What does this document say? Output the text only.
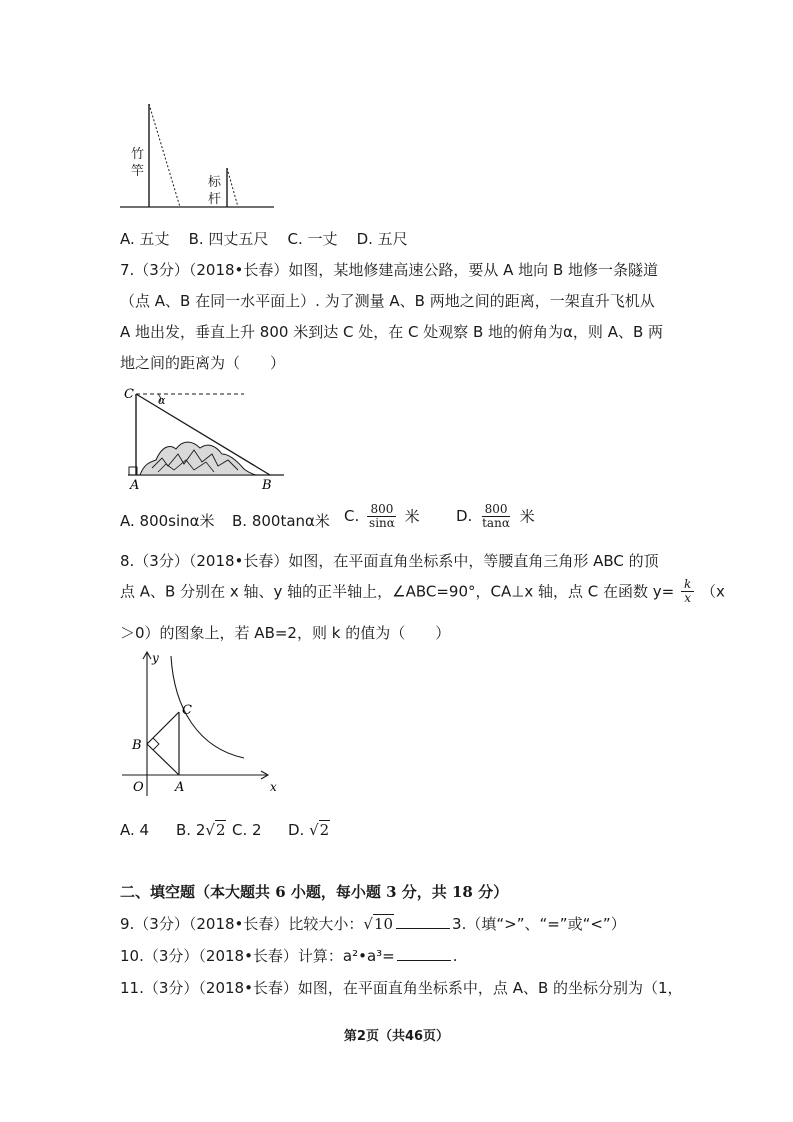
竹
竿
标
杆
A. 五丈    B. 四丈五尺    C. 一丈    D. 五尺
7.（3分）（2018•长春）如图，某地修建高速公路，要从 A 地向 B 地修一条隧道
（点 A、B 在同一水平面上）. 为了测量 A、B 两地之间的距离，一架直升飞机从
A 地出发，垂直上升 800 米到达 C 处，在 C 处观察 B 地的俯角为α，则 A、B 两
地之间的距离为（　　）
C α
A	B
A. 800sinα米 B. 800tanα米 C. $\frac{800}{\sin\alpha}$ 米 D. $\frac{800}{\tan\alpha}$ 米
8.（3分）（2018•长春）如图，在平面直角坐标系中，等腰直角三角形 ABC 的顶
点 A、B 分别在 x 轴、y 轴的正半轴上，∠ABC=90°，CA⊥x 轴，点 C 在函数 $y= \frac{k}{x} (x$
＞0）的图象上，若 AB=2，则 k 的值为（　　）
y
x
O A
B
C
A. 4 B. 2√2 C. 2 D. √2
二、填空题（本大题共 6 小题，每小题 3 分，共 18 分）
9.（3分）（2018•长春）比较大小：√10	3.（填“>”、“=”或“<”）
10.（3分）（2018•长春）计算：a²•a³=	.
11.（3分）（2018•长春）如图，在平面直角坐标系中，点 A、B 的坐标分别为（1，
第2页（共46页）
